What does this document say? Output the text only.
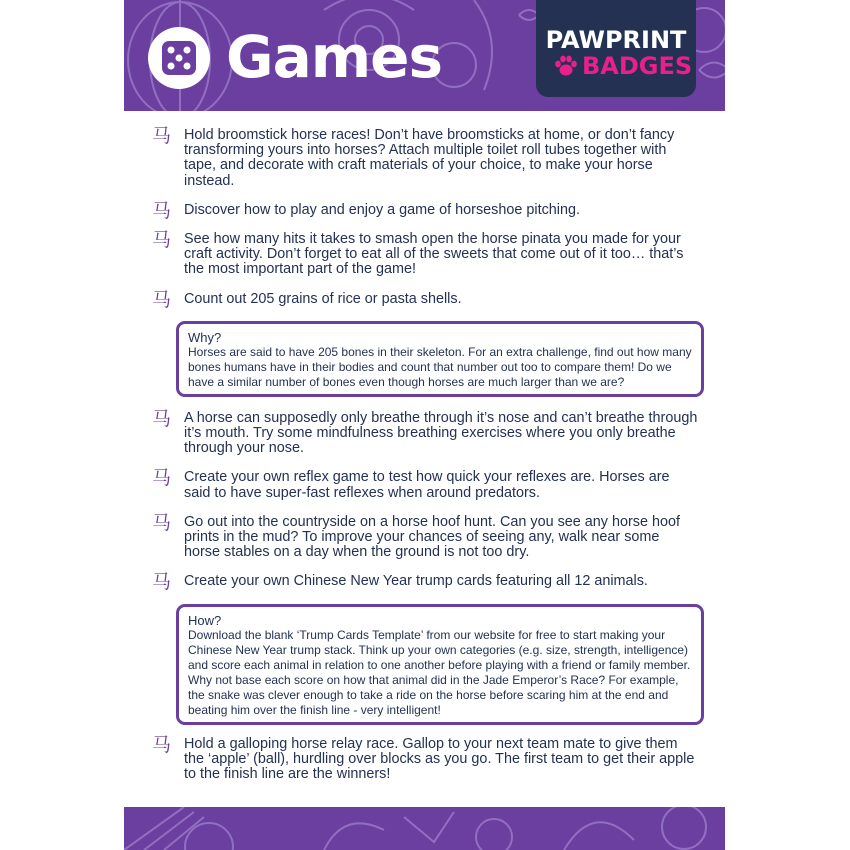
Games	PAWPRINT
BADGES
马 Hold broomstick horse races! Don’t have broomsticks at home, or don’t fancy transforming yours into horses? Attach multiple toilet roll tubes together with tape, and decorate with craft materials of your choice, to make your horse instead.
马 Discover how to play and enjoy a game of horseshoe pitching.
马 See how many hits it takes to smash open the horse pinata you made for your craft activity. Don’t forget to eat all of the sweets that come out of it too… that’s the most important part of the game!
马 Count out 205 grains of rice or pasta shells.
Why?
Horses are said to have 205 bones in their skeleton. For an extra challenge, find out how many bones humans have in their bodies and count that number out too to compare them! Do we have a similar number of bones even though horses are much larger than we are?
马 A horse can supposedly only breathe through it’s nose and can’t breathe through it’s mouth. Try some mindfulness breathing exercises where you only breathe through your nose.
马 Create your own reflex game to test how quick your reflexes are. Horses are said to have super-fast reflexes when around predators.
马 Go out into the countryside on a horse hoof hunt. Can you see any horse hoof prints in the mud? To improve your chances of seeing any, walk near some horse stables on a day when the ground is not too dry.
马 Create your own Chinese New Year trump cards featuring all 12 animals.
How?
Download the blank ‘Trump Cards Template’ from our website for free to start making your Chinese New Year trump stack. Think up your own categories (e.g. size, strength, intelligence) and score each animal in relation to one another before playing with a friend or family member. Why not base each score on how that animal did in the Jade Emperor’s Race? For example, the snake was clever enough to take a ride on the horse before scaring him at the end and beating him over the finish line - very intelligent!
马 Hold a galloping horse relay race. Gallop to your next team mate to give them the ‘apple’ (ball), hurdling over blocks as you go. The first team to get their apple to the finish line are the winners!
